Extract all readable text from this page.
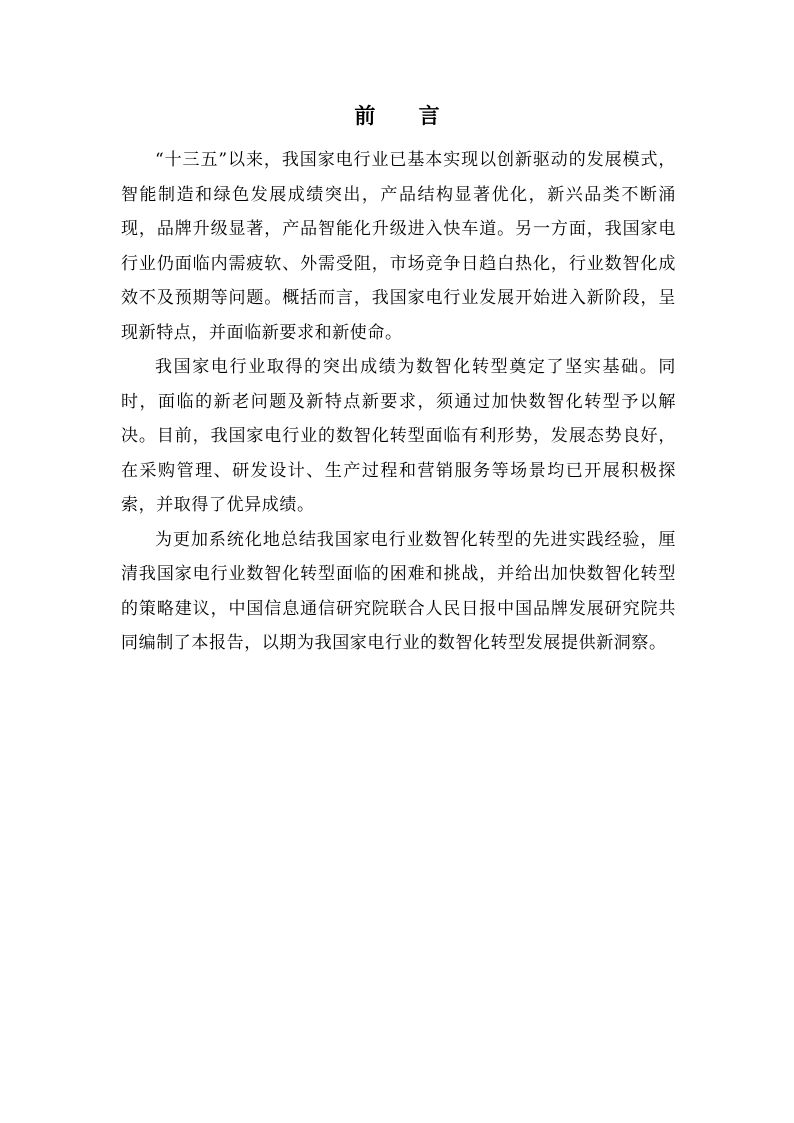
前 言

“十三五”以来，我国家电行业已基本实现以创新驱动的发展模式，智能制造和绿色发展成绩突出，产品结构显著优化，新兴品类不断涌现，品牌升级显著，产品智能化升级进入快车道。另一方面，我国家电行业仍面临内需疲软、外需受阻，市场竞争日趋白热化，行业数智化成效不及预期等问题。概括而言，我国家电行业发展开始进入新阶段，呈现新特点，并面临新要求和新使命。

我国家电行业取得的突出成绩为数智化转型奠定了坚实基础。同时，面临的新老问题及新特点新要求，须通过加快数智化转型予以解决。目前，我国家电行业的数智化转型面临有利形势，发展态势良好，在采购管理、研发设计、生产过程和营销服务等场景均已开展积极探索，并取得了优异成绩。

为更加系统化地总结我国家电行业数智化转型的先进实践经验，厘清我国家电行业数智化转型面临的困难和挑战，并给出加快数智化转型的策略建议，中国信息通信研究院联合人民日报中国品牌发展研究院共同编制了本报告，以期为我国家电行业的数智化转型发展提供新洞察。
